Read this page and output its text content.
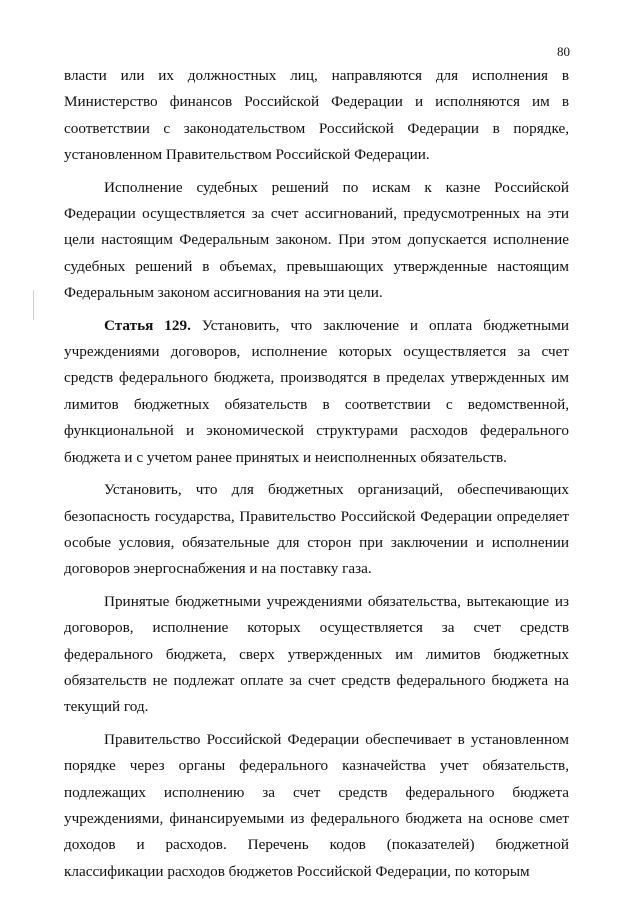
80

власти или их должностных лиц, направляются для исполнения в Министерство финансов Российской Федерации и исполняются им в соответствии с законодательством Российской Федерации в порядке, установленном Правительством Российской Федерации.

Исполнение судебных решений по искам к казне Российской Федерации осуществляется за счет ассигнований, предусмотренных на эти цели настоящим Федеральным законом. При этом допускается исполнение судебных решений в объемах, превышающих утвержденные настоящим Федеральным законом ассигнования на эти цели.

Статья 129. Установить, что заключение и оплата бюджетными учреждениями договоров, исполнение которых осуществляется за счет средств федерального бюджета, производятся в пределах утвержденных им лимитов бюджетных обязательств в соответствии с ведомственной, функциональной и экономической структурами расходов федерального бюджета и с учетом ранее принятых и неисполненных обязательств.

Установить, что для бюджетных организаций, обеспечивающих безопасность государства, Правительство Российской Федерации определяет особые условия, обязательные для сторон при заключении и исполнении договоров энергоснабжения и на поставку газа.

Принятые бюджетными учреждениями обязательства, вытекающие из договоров, исполнение которых осуществляется за счет средств федерального бюджета, сверх утвержденных им лимитов бюджетных обязательств не подлежат оплате за счет средств федерального бюджета на текущий год.

Правительство Российской Федерации обеспечивает в установленном порядке через органы федерального казначейства учет обязательств, подлежащих исполнению за счет средств федерального бюджета учреждениями, финансируемыми из федерального бюджета на основе смет доходов и расходов. Перечень кодов (показателей) бюджетной классификации расходов бюджетов Российской Федерации, по которым
